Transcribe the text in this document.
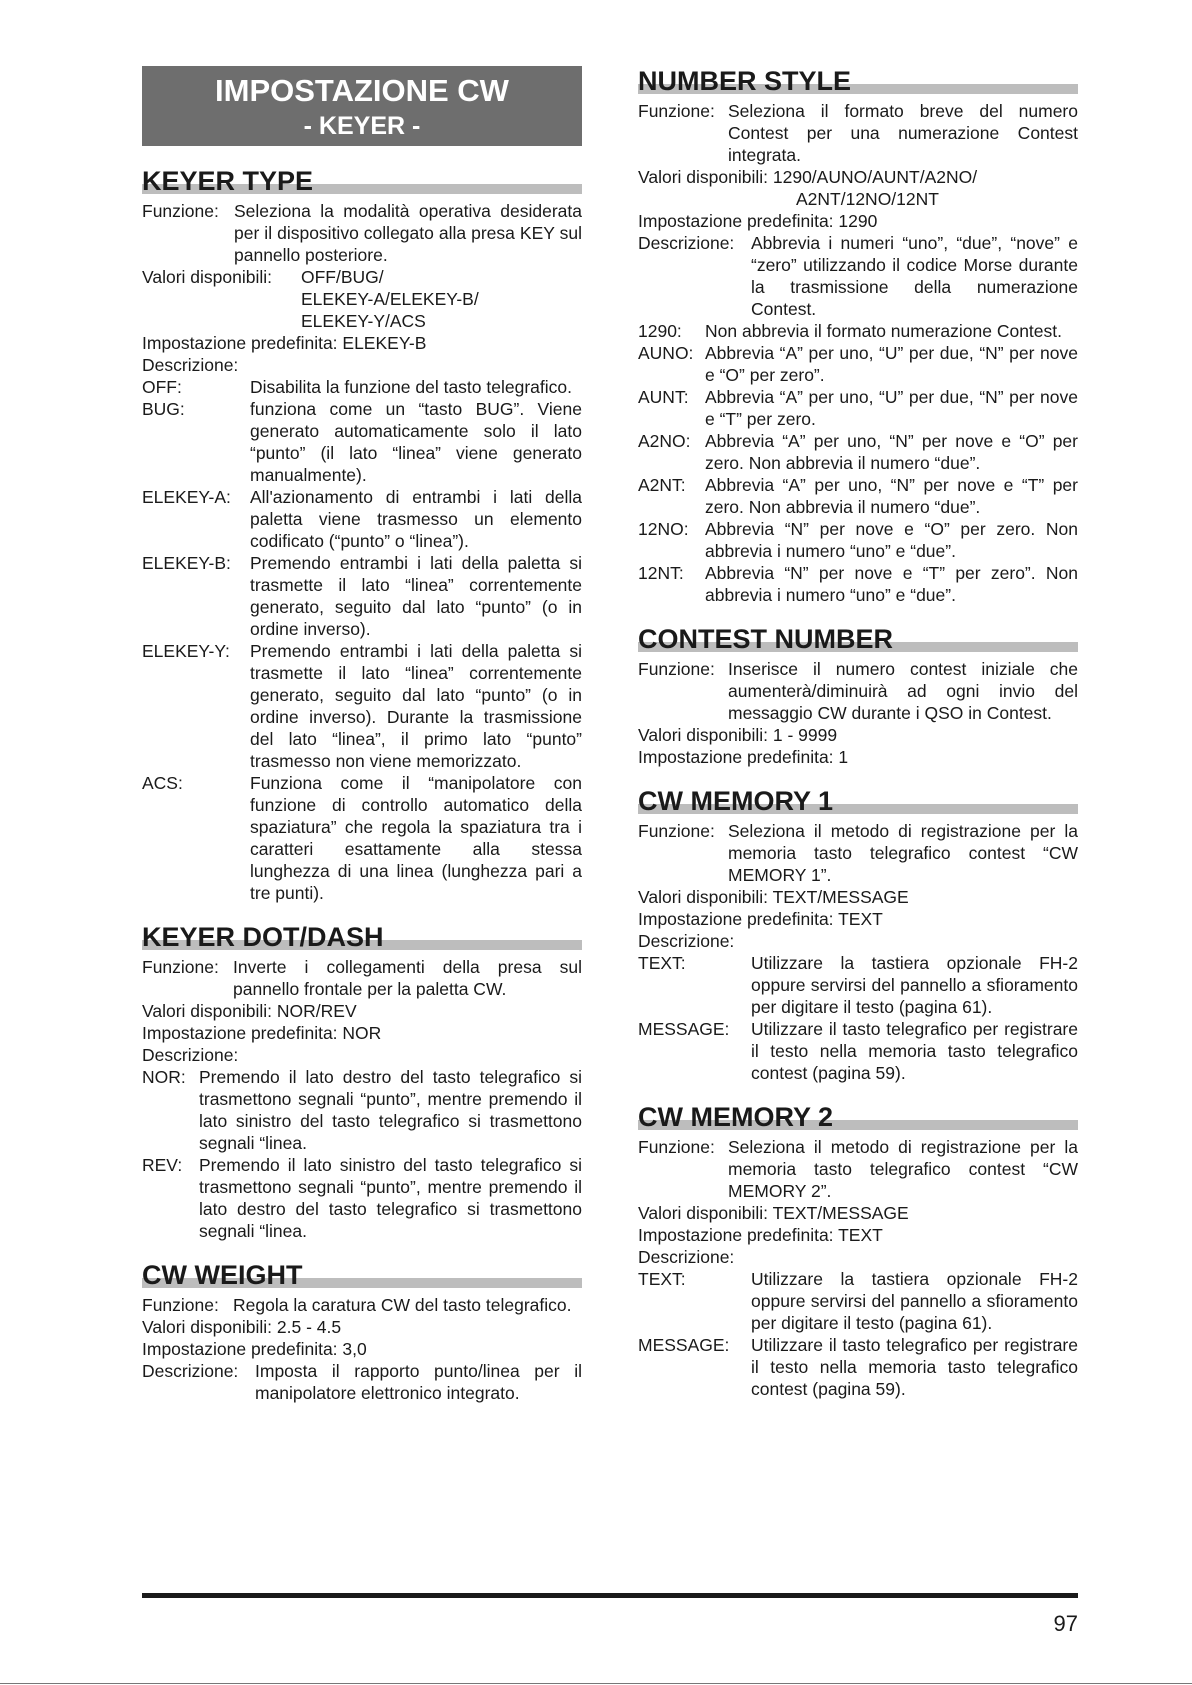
IMPOSTAZIONE CW
- KEYER -
KEYER TYPE
Funzione: Seleziona la modalità operativa desiderata per il dispositivo collegato alla presa KEY sul pannello posteriore.
Valori disponibili:	OFF/BUG/
ELEKEY-A/ELEKEY-B/
ELEKEY-Y/ACS
Impostazione predefinita: ELEKEY-B
Descrizione:
OFF:	Disabilita la funzione del tasto telegrafico.
BUG:	funziona come un “tasto BUG”. Viene generato automaticamente solo il lato “punto” (il lato “linea” viene generato manualmente).
ELEKEY-A:	All'azionamento di entrambi i lati della paletta viene trasmesso un elemento codificato (“punto” o “linea”).
ELEKEY-B:	Premendo entrambi i lati della paletta si trasmette il lato “linea” correntemente generato, seguito dal lato “punto” (o in ordine inverso).
ELEKEY-Y:	Premendo entrambi i lati della paletta si trasmette il lato “linea” correntemente generato, seguito dal lato “punto” (o in ordine inverso). Durante la trasmissione del lato “linea”, il primo lato “punto” trasmesso non viene memorizzato.
ACS:	Funziona come il “manipolatore con funzione di controllo automatico della spaziatura” che regola la spaziatura tra i caratteri esattamente alla stessa lunghezza di una linea (lunghezza pari a tre punti).
KEYER DOT/DASH
Funzione: Inverte i collegamenti della presa sul pannello frontale per la paletta CW.
Valori disponibili: NOR/REV
Impostazione predefinita: NOR
Descrizione:
NOR: Premendo il lato destro del tasto telegrafico si trasmettono segnali “punto”, mentre premendo il lato sinistro del tasto telegrafico si trasmettono segnali “linea.
REV: Premendo il lato sinistro del tasto telegrafico si trasmettono segnali “punto”, mentre premendo il lato destro del tasto telegrafico si trasmettono segnali “linea.
CW WEIGHT
Funzione: Regola la caratura CW del tasto telegrafico.
Valori disponibili: 2.5 - 4.5
Impostazione predefinita: 3,0
Descrizione: Imposta il rapporto punto/linea per il manipolatore elettronico integrato.
NUMBER STYLE
Funzione: Seleziona il formato breve del numero Contest per una numerazione Contest integrata.
Valori disponibili: 1290/AUNO/AUNT/A2NO/
A2NT/12NO/12NT
Impostazione predefinita: 1290
Descrizione: Abbrevia i numeri “uno”, “due”, “nove” e “zero” utilizzando il codice Morse durante la trasmissione della numerazione Contest.
1290:	Non abbrevia il formato numerazione Contest.
AUNO: Abbrevia “A” per uno, “U” per due, “N” per nove e “O” per zero”.
AUNT: Abbrevia “A” per uno, “U” per due, “N” per nove e “T” per zero.
A2NO: Abbrevia “A” per uno, “N” per nove e “O” per zero. Non abbrevia il numero “due”.
A2NT:	Abbrevia “A” per uno, “N” per nove e “T” per zero. Non abbrevia il numero “due”.
12NO: Abbrevia “N” per nove e “O” per zero. Non abbrevia i numero “uno” e “due”.
12NT:	Abbrevia “N” per nove e “T” per zero”. Non abbrevia i numero “uno” e “due”.
CONTEST NUMBER
Funzione: Inserisce il numero contest iniziale che aumenterà/diminuirà ad ogni invio del messaggio CW durante i QSO in Contest.
Valori disponibili: 1 - 9999
Impostazione predefinita: 1
CW MEMORY 1
Funzione: Seleziona il metodo di registrazione per la memoria tasto telegrafico contest “CW MEMORY 1”.
Valori disponibili: TEXT/MESSAGE
Impostazione predefinita: TEXT
Descrizione:
TEXT:	Utilizzare la tastiera opzionale FH-2 oppure servirsi del pannello a sfioramento per digitare il testo (pagina 61).
MESSAGE:	Utilizzare il tasto telegrafico per registrare il testo nella memoria tasto telegrafico contest (pagina 59).
CW MEMORY 2
Funzione: Seleziona il metodo di registrazione per la memoria tasto telegrafico contest “CW MEMORY 2”.
Valori disponibili: TEXT/MESSAGE
Impostazione predefinita: TEXT
Descrizione:
TEXT:	Utilizzare la tastiera opzionale FH-2 oppure servirsi del pannello a sfioramento per digitare il testo (pagina 61).
MESSAGE:	Utilizzare il tasto telegrafico per registrare il testo nella memoria tasto telegrafico contest (pagina 59).
97
